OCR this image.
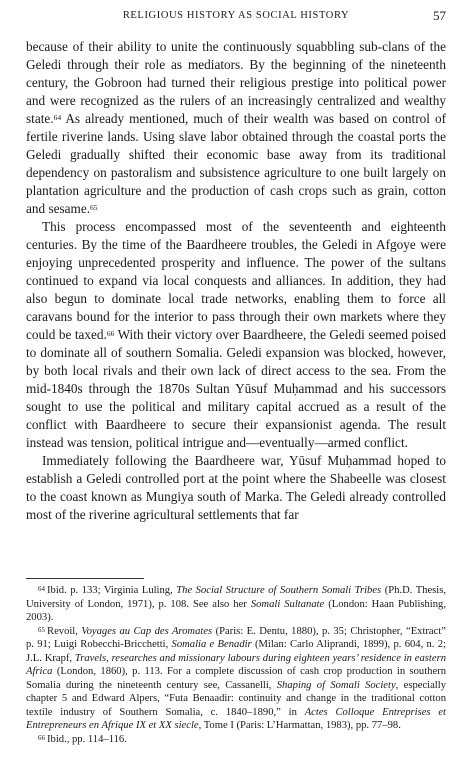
RELIGIOUS HISTORY AS SOCIAL HISTORY	57

because of their ability to unite the continuously squabbling sub-clans of the Geledi through their role as mediators. By the beginning of the nineteenth century, the Gobroon had turned their religious prestige into political power and were recognized as the rulers of an increasingly centralized and wealthy state.$^{64}$ As already mentioned, much of their wealth was based on control of fertile riverine lands. Using slave labor obtained through the coastal ports the Geledi gradually shifted their economic base away from its traditional dependency on pastoralism and subsistence agriculture to one built largely on plantation agriculture and the production of cash crops such as grain, cotton and sesame.$^{65}$

This process encompassed most of the seventeenth and eighteenth centuries. By the time of the Baardheere troubles, the Geledi in Afgoye were enjoying unprecedented prosperity and influence. The power of the sultans continued to expand via local conquests and alliances. In addition, they had also begun to dominate local trade networks, enabling them to force all caravans bound for the interior to pass through their own markets where they could be taxed.$^{66}$ With their victory over Baardheere, the Geledi seemed poised to dominate all of southern Somalia. Geledi expansion was blocked, however, by both local rivals and their own lack of direct access to the sea. From the mid-1840s through the 1870s Sultan Yūsuf Muḥammad and his successors sought to use the political and military capital accrued as a result of the conflict with Baardheere to secure their expansionist agenda. The result instead was tension, political intrigue and—eventually—armed conflict.

Immediately following the Baardheere war, Yūsuf Muḥammad hoped to establish a Geledi controlled port at the point where the Shabeelle was closest to the coast known as Mungiya south of Marka. The Geledi already controlled most of the riverine agricultural settlements that far

$^{64}$ Ibid. p. 133; Virginia Luling, The Social Structure of Southern Somali Tribes (Ph.D. Thesis, University of London, 1971), p. 108. See also her Somali Sultanate (London: Haan Publishing, 2003).

$^{65}$ Revoil, Voyages au Cap des Aromates (Paris: E. Dentu, 1880), p. 35; Christopher, “Extract” p. 91; Luigi Robecchi-Bricchetti, Somalia e Benadir (Milan: Carlo Aliprandi, 1899), p. 604, n. 2; J.L. Krapf, Travels, researches and missionary labours during eighteen years’ residence in eastern Africa (London, 1860), p. 113. For a complete discussion of cash crop production in southern Somalia during the nineteenth century see, Cassanelli, Shaping of Somali Society, especially chapter 5 and Edward Alpers, “Futa Benaadir: continuity and change in the traditional cotton textile industry of Southern Somalia, c. 1840–1890,” in Actes Colloque Entreprises et Entrepreneurs en Afrique IX et XX siecle, Tome I (Paris: L’Harmattan, 1983), pp. 77–98.

$^{66}$ Ibid., pp. 114–116.
